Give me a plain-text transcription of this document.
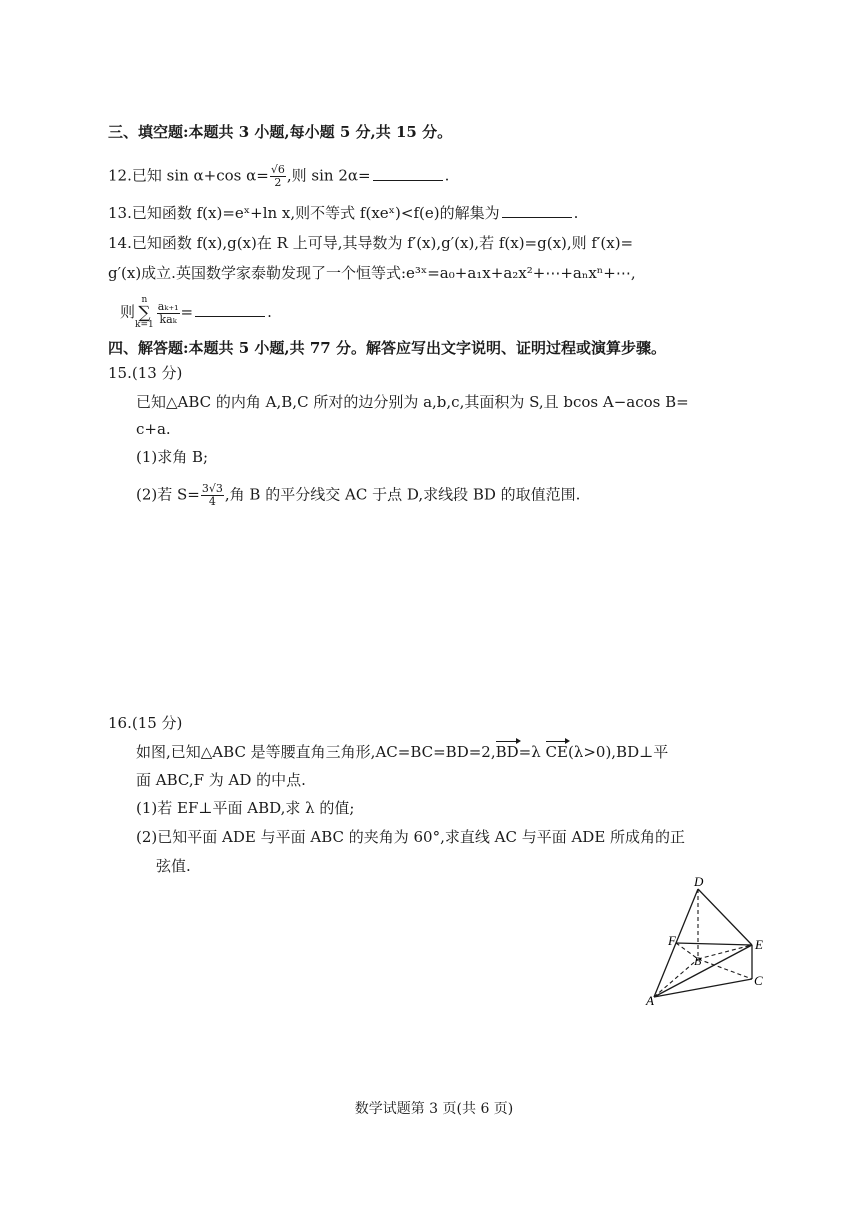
三、填空题:本题共 3 小题,每小题 5 分,共 15 分。
12.已知 sin α+cos $\alpha= \frac{√6}{2}$ ,则 sin 2α=	.
13.已知函数 f(x)=eˣ+ln x,则不等式 f(xeˣ)<f(e)的解集为	.
14.已知函数 f(x),g(x)在 R 上可导,其导数为 f′(x),g′(x),若 f(x)=g(x),则 f′(x)=
g′(x)成立.英国数学家泰勒发现了一个恒等式:e³ˣ=a₀+a₁x+a₂x²+⋯+aₙxⁿ+⋯,
则n
∑
$k=1 \frac{\text{aₖ₊₁}}{\text{kaₖ}}$ =	.
四、解答题:本题共 5 小题,共 77 分。解答应写出文字说明、证明过程或演算步骤。
15.(13 分)
已知△ABC 的内角 A,B,C 所对的边分别为 a,b,c,其面积为 S,且 bcos A−acos B=
c+a.
(1)求角 B;
(2)若 $S= \frac{3√3}{4}$ ,角 B 的平分线交 AC 于点 D,求线段 BD 的取值范围.
16.(15 分)
如图,已知△ABC 是等腰直角三角形,AC=BC=BD=2,BD=λ CE(λ>0),BD⊥平
面 ABC,F 为 AD 的中点.
(1)若 EF⊥平面 ABD,求 λ 的值;
(2)已知平面 ADE 与平面 ABC 的夹角为 60°,求直线 AC 与平面 ADE 所成角的正
弦值.
D
F	E
B
C
A
数学试题第 3 页(共 6 页)
